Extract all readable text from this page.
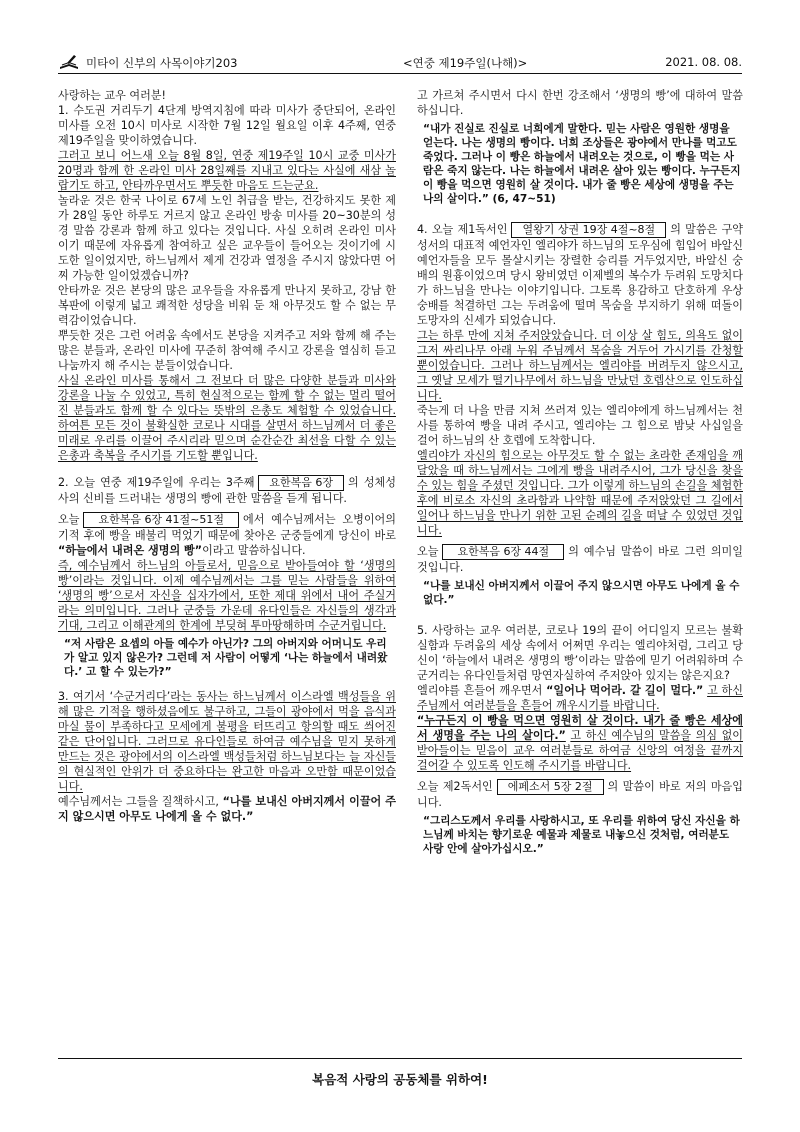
미타이 신부의 사목이야기203	<연중 제19주일(나해)>	2021. 08. 08.

사랑하는 교우 여러분!

1. 수도권 거리두기 4단계 방역지침에 따라 미사가 중단되어, 온라인 미사를 오전 10시 미사로 시작한 7월 12일 월요일 이후 4주째, 연중 제19주일을 맞이하였습니다.

그러고 보니 어느새 오늘 8월 8일, 연중 제19주일 10시 교중 미사가 20명과 함께 한 온라인 미사 28일째를 지내고 있다는 사실에 새삼 놀랍기도 하고, 안타까우면서도 뿌듯한 마음도 드는군요.

놀라운 것은 한국 나이로 67세 노인 취급을 받는, 건강하지도 못한 제가 28일 동안 하루도 거르지 않고 온라인 방송 미사를 20~30분의 성경 말씀 강론과 함께 하고 있다는 것입니다. 사실 오히려 온라인 미사이기 때문에 자유롭게 참여하고 싶은 교우들이 들어오는 것이기에 시도한 일이었지만, 하느님께서 제게 건강과 열정을 주시지 않았다면 어찌 가능한 일이었겠습니까?

안타까운 것은 본당의 많은 교우들을 자유롭게 만나지 못하고, 강남 한복판에 이렇게 넓고 쾌적한 성당을 비워 둔 채 아무것도 할 수 없는 무력감이었습니다.

뿌듯한 것은 그런 어려움 속에서도 본당을 지켜주고 저와 함께 해 주는 많은 분들과, 온라인 미사에 꾸준히 참여해 주시고 강론을 열심히 듣고 나눔까지 해 주시는 분들이었습니다.

사실 온라인 미사를 통해서 그 전보다 더 많은 다양한 분들과 미사와 강론을 나눌 수 있었고, 특히 현실적으로는 함께 할 수 없는 멀리 떨어진 분들과도 함께 할 수 있다는 뜻밖의 은총도 체험할 수 있었습니다. 하여튼 모든 것이 불확실한 코로나 시대를 살면서 하느님께서 더 좋은 미래로 우리를 이끌어 주시리라 믿으며 순간순간 최선을 다할 수 있는 은총과 축복을 주시기를 기도할 뿐입니다.

2. 오늘 연중 제19주일에 우리는 3주째 요한복음 6장 의 성체성사의 신비를 드러내는 생명의 빵에 관한 말씀을 듣게 됩니다.

오늘 요한복음 6장 41절~51절 에서 예수님께서는 오병이어의 기적 후에 빵을 배불리 먹었기 때문에 찾아온 군중들에게 당신이 바로 “하늘에서 내려온 생명의 빵”이라고 말씀하십니다.

즉, 예수님께서 하느님의 아들로서, 믿음으로 받아들여야 할 ‘생명의 빵’이라는 것입니다. 이제 예수님께서는 그를 믿는 사람들을 위하여 ‘생명의 빵’으로서 자신을 십자가에서, 또한 제대 위에서 내어 주실거라는 의미입니다. 그러나 군중들 가운데 유다인들은 자신들의 생각과 기대, 그리고 이해관계의 한계에 부딪혀 투마땅해하며 수군거립니다.

“저 사람은 요셉의 아들 예수가 아닌가? 그의 아버지와 어머니도 우리가 알고 있지 않은가? 그런데 저 사람이 어떻게 ‘나는 하늘에서 내려왔다.’ 고 할 수 있는가?”

3. 여기서 ‘수군거리다’라는 동사는 하느님께서 이스라엘 백성들을 위해 많은 기적을 행하셨음에도 불구하고, 그들이 광야에서 먹을 음식과 마실 물이 부족하다고 모세에게 불평을 터뜨리고 항의할 때도 씌어진 같은 단어입니다. 그러므로 유다인들로 하여금 예수님을 믿지 못하게 만드는 것은 광야에서의 이스라엘 백성들처럼 하느님보다는 늘 자신들의 현실적인 안위가 더 중요하다는 완고한 마음과 오만함 때문이었습니다.

예수님께서는 그들을 질책하시고, “나를 보내신 아버지께서 이끌어 주지 않으시면 아무도 나에게 올 수 없다.”

고 가르쳐 주시면서 다시 한번 강조해서 ‘생명의 빵’에 대하여 말씀하십니다.

“내가 진실로 진실로 너희에게 말한다. 믿는 사람은 영원한 생명을 얻는다. 나는 생명의 빵이다. 너희 조상들은 광야에서 만나를 먹고도 죽었다. 그러나 이 빵은 하늘에서 내려오는 것으로, 이 빵을 먹는 사람은 죽지 않는다. 나는 하늘에서 내려온 살아 있는 빵이다. 누구든지 이 빵을 먹으면 영원히 살 것이다. 내가 줄 빵은 세상에 생명을 주는 나의 살이다.” (6, 47~51)

4. 오늘 제1독서인 열왕기 상권 19장 4절~8절 의 말씀은 구약성서의 대표적 예언자인 엘리야가 하느님의 도우심에 힘입어 바알신 예언자들을 모두 몰살시키는 장렬한 승리를 거두었지만, 바알신 숭배의 원흉이었으며 당시 왕비였던 이제벨의 복수가 두려워 도망치다가 하느님을 만나는 이야기입니다. 그토록 용감하고 단호하게 우상숭배를 척결하던 그는 두려움에 떨며 목숨을 부지하기 위해 떠돌이 도망자의 신세가 되었습니다.

그는 하루 만에 지쳐 주저앉았습니다. 더 이상 살 힘도, 의욕도 없이 그저 싸리나무 아래 누워 주님께서 목숨을 거두어 가시기를 간청할 뿐이었습니다. 그러나 하느님께서는 엘리야를 버려두지 않으시고, 그 옛날 모세가 떨기나무에서 하느님을 만났던 호렙산으로 인도하십니다.

죽는게 더 나을 만큼 지쳐 쓰러져 있는 엘리야에게 하느님께서는 천사를 통하여 빵을 내려 주시고, 엘리야는 그 힘으로 밤낮 사십일을 걸어 하느님의 산 호렙에 도착합니다.

엘리야가 자신의 힘으로는 아무것도 할 수 없는 초라한 존재임을 깨달았을 때 하느님께서는 그에게 빵을 내려주시어, 그가 당신을 찾을 수 있는 힘을 주셨던 것입니다. 그가 이렇게 하느님의 손길을 체험한 후에 비로소 자신의 초라함과 나약함 때문에 주저앉았던 그 길에서 일어나 하느님을 만나기 위한 고된 순례의 길을 떠날 수 있었던 것입니다.

오늘 요한복음 6장 44절 의 예수님 말씀이 바로 그런 의미일 것입니다.

“나를 보내신 아버지께서 이끌어 주지 않으시면 아무도 나에게 올 수 없다.”

5. 사랑하는 교우 여러분, 코로나 19의 끝이 어디일지 모르는 불확실함과 두려움의 세상 속에서 어쩌면 우리는 엘리야처럼, 그리고 당신이 ‘하늘에서 내려온 생명의 빵’이라는 말씀에 믿기 어려워하며 수군거리는 유다인들처럼 망연자실하여 주저앉아 있지는 않은지요?

엘리야를 흔들어 깨우면서 “일어나 먹어라. 갈 길이 멀다.” 고 하신 주님께서 여러분들을 흔들어 깨우시기를 바랍니다.

“누구든지 이 빵을 먹으면 영원히 살 것이다. 내가 줄 빵은 세상에서 생명을 주는 나의 살이다.” 고 하신 예수님의 말씀을 의심 없이 받아들이는 믿음이 교우 여러분들로 하여금 신앙의 여정을 끝까지 걸어갈 수 있도록 인도해 주시기를 바랍니다.

오늘 제2독서인 에페소서 5장 2절 의 말씀이 바로 저의 마음입니다.

“그리스도께서 우리를 사랑하시고, 또 우리를 위하여 당신 자신을 하느님께 바치는 향기로운 예물과 제물로 내놓으신 것처럼, 여러분도 사랑 안에 살아가십시오.”

복음적 사랑의 공동체를 위하여!
